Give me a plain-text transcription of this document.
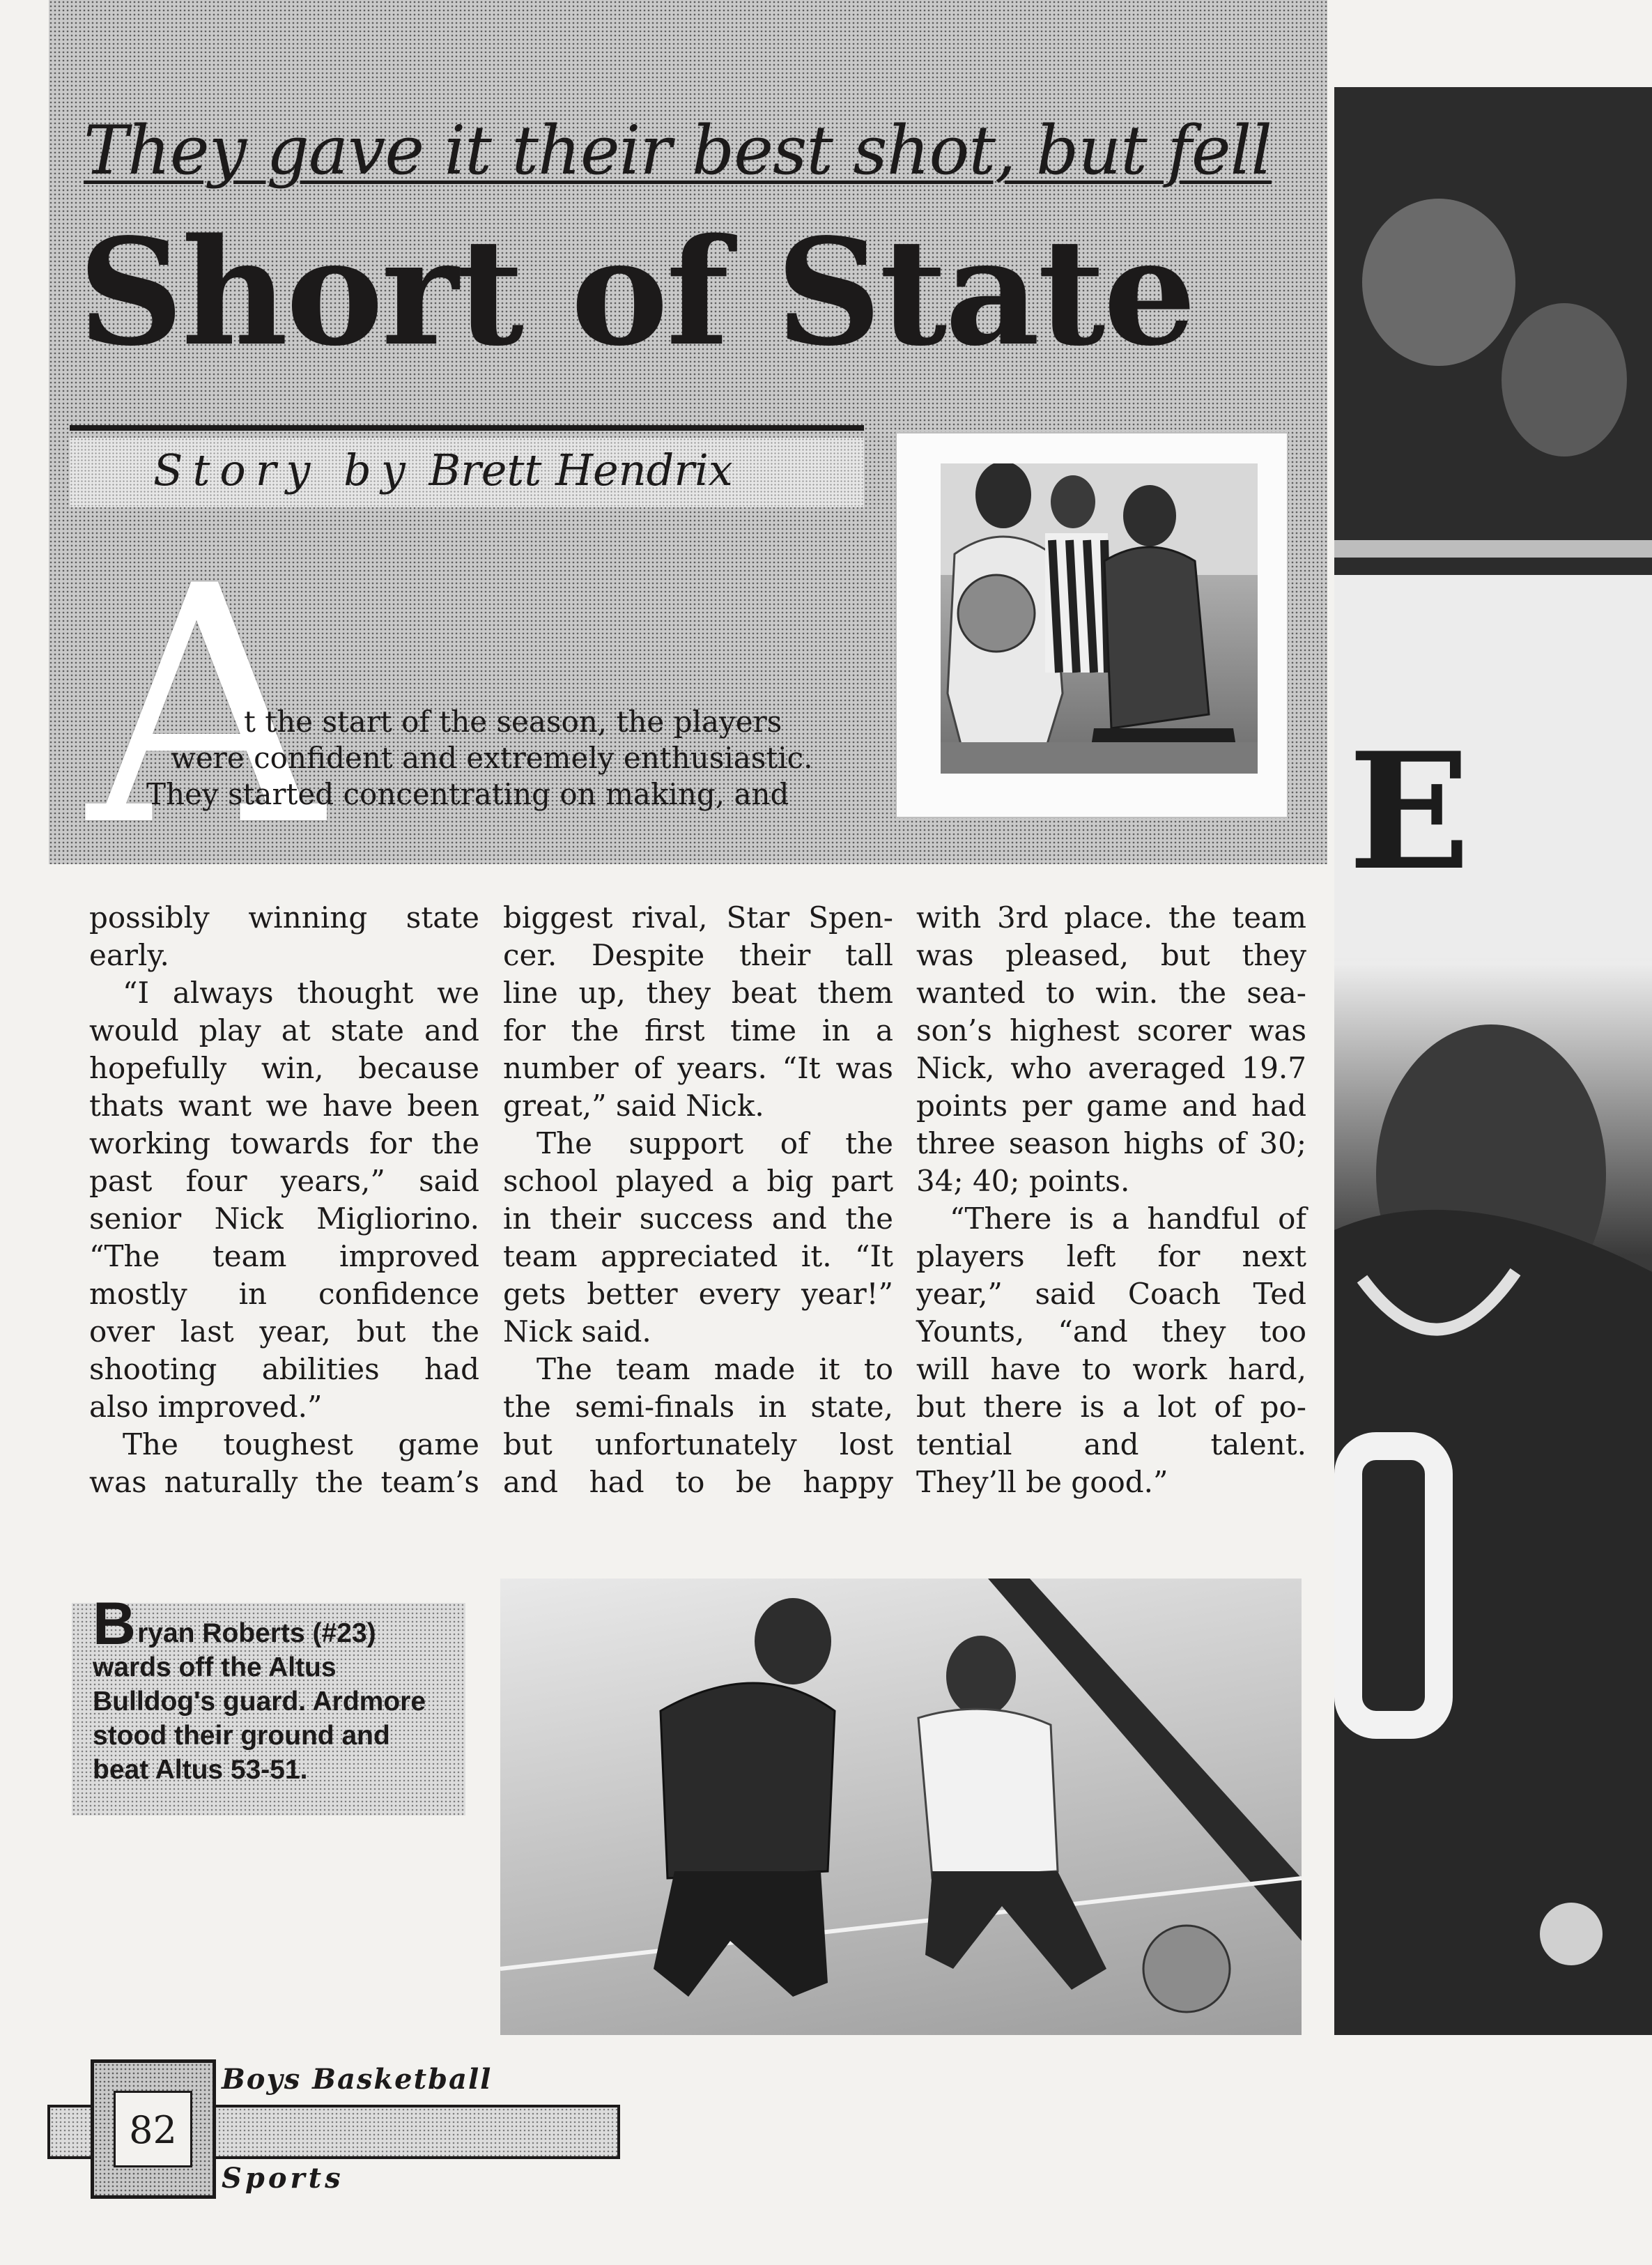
They gave it their best shot, but fell
Short of State
Story by Brett Hendrix
A
t the start of the season, the players
were confident and extremely enthusiastic.
They started concentrating on making, and	E
possibly winning state
early.
“I always thought we
would play at state and
hopefully win, because
thats want we have been
working towards for the
past four years,” said
senior Nick Migliorino.
“The team improved
mostly in confidence
over last year, but the
shooting abilities had
also improved.”
The toughest game
was naturally the team’s
biggest rival, Star Spen-
cer. Despite their tall
line up, they beat them
for the first time in a
number of years. “It was
great,” said Nick.
The support of the
school played a big part
in their success and the
team appreciated it. “It
gets better every year!”
Nick said.
The team made it to
the semi-finals in state,
but unfortunately lost
and had to be happy
with 3rd place. the team
was pleased, but they
wanted to win. the sea-
son’s highest scorer was
Nick, who averaged 19.7
points per game and had
three season highs of 30;
34; 40; points.
“There is a handful of
players left for next
year,” said Coach Ted
Younts, “and they too
will have to work hard,
but there is a lot of po-
tential and talent.
They’ll be good.”
Bryan Roberts (#23)
wards off the Altus
Bulldog's guard. Ardmore
stood their ground and
beat Altus 53-51.
82
Boys Basketball
Sports
